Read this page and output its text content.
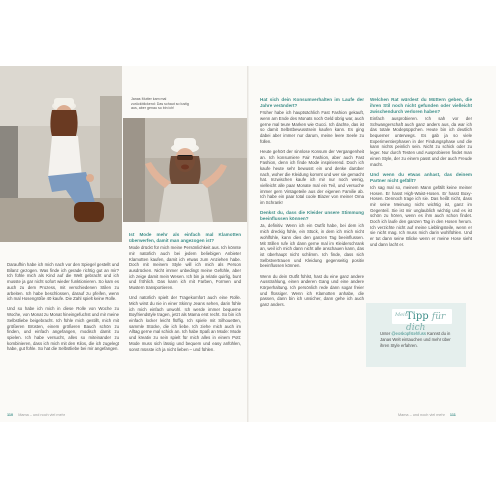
Janas Mutter kam mal zurückblickend: Das schaut so lustig aus, aber genau so bin ich!

Daraufhin habe ich mich nach vor den Spiegel gestellt und Bilanz gezogen. Was finde ich gerade richtig gut an mir? Ich fühle mich als Kind auf die Welt gebracht und ich musste ja gar nicht sofort wieder funktionieren. So kam es auch zu dem Prozess, mit verschiedenen Stilen zu arbeiten. Ich habe beschlossen, darauf zu pfeifen, wenn ich mal Hosengröße 40 kaufe. Die Zahl spielt keine Rolle.

Und so habe ich mich in diese Rolle von Woche zu Woche, von Monat zu Monat hineingefuchst und mir meine Selbstliebe beigebracht. Ich fühle mich gestillt, mich mit größeren Brüsten, einem größeren Bauch schön zu finden, und einfach angefangen, modisch damit zu spielen. Ich habe versucht, alles so miteinander zu kombinieren, dass ich mich mit den Kilos, die ich zugelegt habe, gut fühle. So hat die Selbstliebe bei mir angefangen.

Ist Mode mehr als einfach mal Klamotten überwerfen, damit man angezogen ist?

Mode drückt für mich meine Persönlichkeit aus. Ich könnte mir natürlich auch bei jedem beliebigen Anbieter Klamotten kaufen, damit ich etwas zum Anziehen habe. Doch mit meinem Style will ich mich als Person ausdrücken. Nicht immer unbedingt meine Gefühle, aber ich zeige damit mein Wesen. Ich bin ja relativ quirlig, bunt und fröhlich. Das kann ich mit Farben, Formen und Mustern transportieren.

Und natürlich spielt der Tragekomfort auch eine Rolle. Mich wirst du nie in einer Skinny Jeans sehen, darin fühle ich mich einfach unwohl. Ich werde immer bequeme Boyfriendstyle tragen, jetzt als Mama erst recht. So bin ich einfach locker leicht flüffig. Ich spiele mit Silhouetten, sammle Stücke, die ich liebe. Ich ziehe mich auch im Alltag gerne mal schick an. Ich habe Spaß an Mode: Mode und kreativ zu sein spielt für mich alles in einem Pott: Mode muss sich lässig und bequem und easy anfühlen, sonst müsste ich ja nicht lieben – und fühlen.

110 Mama – und noch viel mehr
Hat sich dein Konsumverhalten im Laufe der Jahre verändert?

Früher habe ich hauptsächlich Fast Fashion gekauft, wenn am Ende des Monats noch Geld übrig war, auch gerne mal teure Marken wie Gucci. Ich dachte, das ist so damit Selbstbewusstsein kaufen kann. Es ging dabei aber immer nur darum, meine leere Seele zu füllen.

Heute gehört der sinnlose Konsum der Vergangenheit an. Ich konsumiere Fair Fashion, aber auch Fast Fashion, denn ich finde Mode inspirierend. Doch ich kaufe heute sehr bewusst ein und denke darüber nach, woher die Kleidung kommt und wer sie gemacht hat. Inzwischen kaufe ich mir nur noch wenig, vielleicht alle paar Monate mal ein Teil, und versuche immer gern Vintageteile aus der eigenen Familie ab. Ich habe ein paar total coole Blazer von meiner Oma im Schrank!

Denkst du, dass die Kleider unsere Stimmung beeinflussen können?

Ja, definitiv. Wenn ich ein Outfit habe, bei dem ich mich dreckig fühle, ein Stück, in dem ich mich nicht wohlfühle, kann dies den ganzen Tag beeinflussen. Mit Stillen rufe ich dann gerne mal im Kleiderschrank an, weil ich mich dann nicht alle anschauen kann, das ist überhaupt nicht schlimm. Ich finde, dass sich Selbstvertrauen und Kleidung gegenseitig positiv beeinflussen können.

Wenn du dein Outfit fühlst, hast du eine ganz andere Ausstrahlung, einen anderen Gang und eine andere Körperhaltung. Ich persönlich rede dann sogar freier und flüssiger. Wenn ich Klamotten anhabe, die passen, dann bin ich unsicher, dann gehe ich auch ganz anders.

Welchen Rat würdest du Müttern geben, die ihren Stil noch nicht gefunden oder vielleicht zwischendurch verloren haben?

Einfach ausprobieren. Ich sah vor der Schwangerschaft auch ganz anders aus, da war ich das totale Modepüppchen. Heute bin ich deutlich bequemer unterwegs. Es gab ja so viele Experimentierphasen in der Findungsphase und die kann nichts peinlich sein. Nicht zu schick oder zu leger. Nur durch Testen und Ausprobieren findet man einen Style, der zu einem passt und der auch Freude macht.

Und wenn du etwas anhast, das deinem Partner nicht gefällt?

Ich sag mal so, meinem Mann gefällt keine meiner Hosen. Er hasst High-Waist-Hosen. Er hasst Boxy-Hosen. Dennoch trage ich sie. Das heißt nicht, dass mir seine Meinung nicht wichtig ist, ganz im Gegenteil. Sie ist mir unglaublich wichtig und es ist schön zu hören, wenn es ihm auch schon findet. Doch ich laufe den ganzen Tag in den Hosen herum. Ich verzichte nicht auf meine Lieblingsteile, wenn er sie nicht mag. Ich muss mich darin wohlfühlen. Und er tut dann seine Blicke wenn er meine Hose sieht und dann lacht er.

Mein
Tipp für dich
Unter @eoskopfstehfuss Kannst du in Janas Welt eintauchen und mehr über ihren Style erfahren.
Mama – und noch viel mehr 111
